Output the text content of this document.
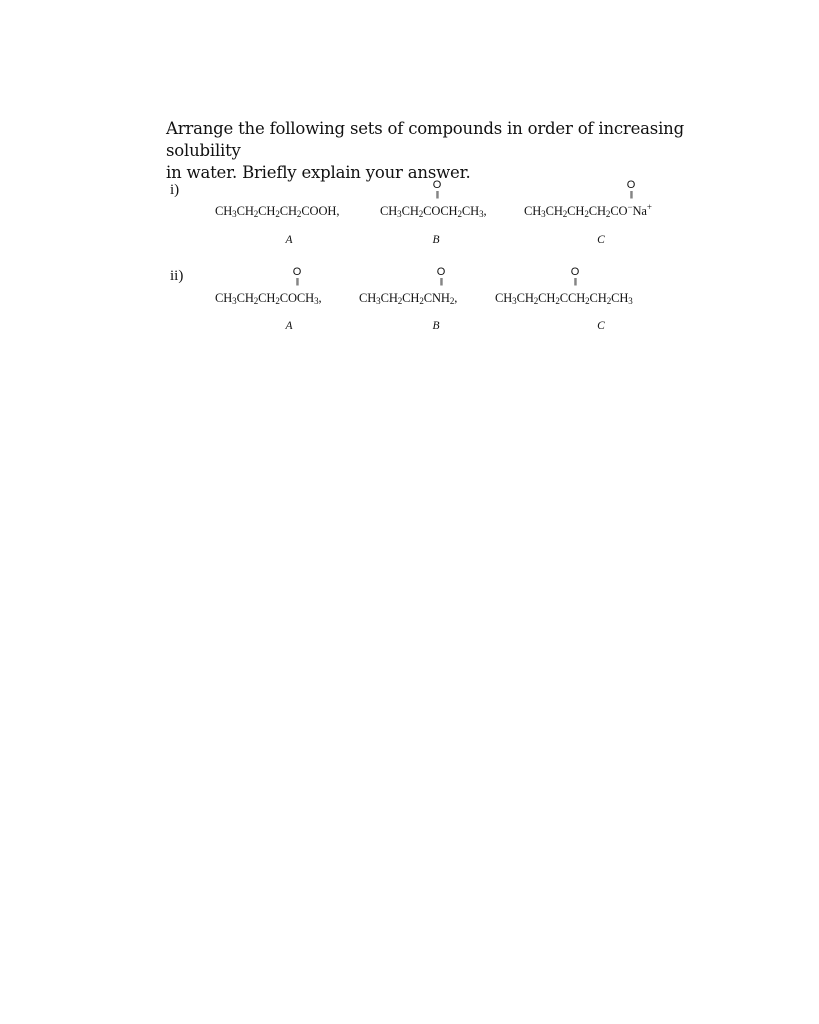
Arrange the following sets of compounds in order of increasing solubility
in water. Briefly explain your answer.
i)
$CH_3CH_2CH_2CH_2COOH$,
A
O
||
$CH_3CH_2COCH_2CH_3$,
B
O
||
$CH_3CH_2CH_2CH_2CO^-Na^+$
C
ii)	O
||
$CH_3CH_2CH_2COCH_3$,
A
O
||
$CH_3CH_2CH_2CNH_2$,
B
O
||
$CH_3CH_2CH_2CCH_2CH_2CH_3$
C
